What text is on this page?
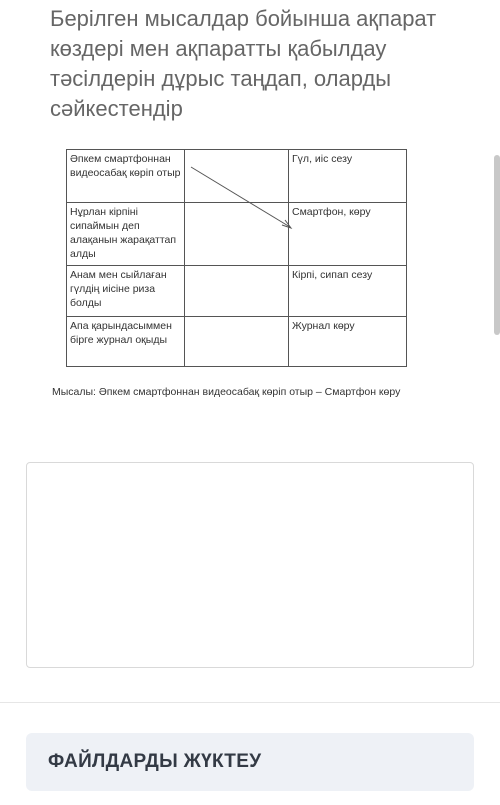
Берілген мысалдар бойынша ақпарат көздері мен ақпаратты қабылдау тәсілдерін дұрыс таңдап, оларды сәйкестендір
Әпкем смартфоннан видеосабақ көріп отыр		Гүл, иіс сезу
Нұрлан кірпіні сипаймын деп алақанын жарақаттап алды		Смартфон, көру
Анам мен сыйлаған гүлдің иісіне риза болды		Кірпі, сипап сезу
Апа қарындасыммен бірге журнал оқыды		Журнал көру
Мысалы: Әпкем смартфоннан видеосабақ көріп отыр – Смартфон көру
ФАЙЛДАРДЫ ЖҮКТЕУ
